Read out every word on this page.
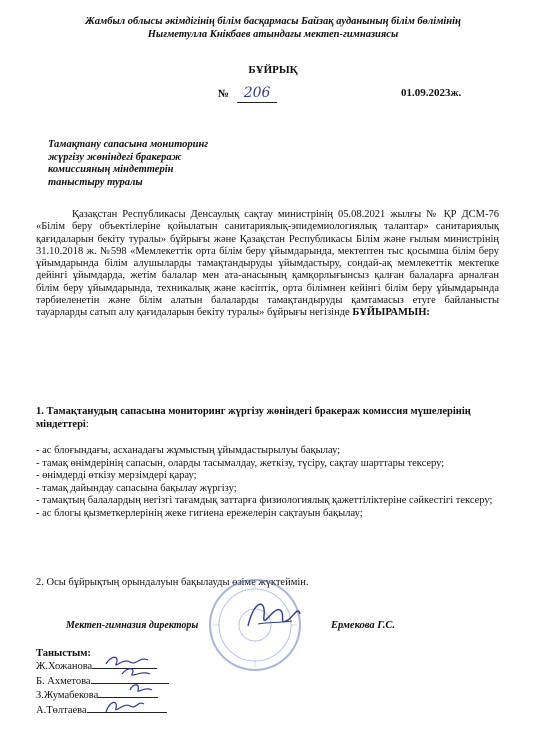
Жамбыл облысы әкімдігінің білім басқармасы Байзақ ауданының білім бөлімінің
Нығметулла Кнікбаев атындағы мектеп-гимназиясы
БҰЙРЫҚ
№ 206	01.09.2023ж.
Тамақтану сапасына мониторинг
жүргізу жөніндегі бракераж
комиссияның міндеттерін
таныстыру туралы
Қазақстан Республикасы Денсаулық сақтау министрінің 05.08.2021 жылғы № ҚР ДСМ-76 «Білім беру объектілеріне қойылатын санитариялық-эпидемиологиялық талаптар» санитариялық қағидаларын бекіту туралы» бұйрығы және Қазақстан Республикасы Білім және ғылым министрінің 31.10.2018 ж. №598 «Мемлекеттік орта білім беру ұйымдарында, мектептен тыс қосымша білім беру ұйымдарында білім алушыларды тамақтандыруды ұйымдастыру, сондай-ақ мемлекеттік мектепке дейінгі ұйымдарда, жетім балалар мен ата-анасының қамқорлығынсыз қалған балаларға арналған білім беру ұйымдарында, техникалық және кәсіптік, орта білімнен кейінгі білім беру ұйымдарында тәрбиеленетін және білім алатын балаларды тамақтандыруды қамтамасыз етуге байланысты тауарларды сатып алу қағидаларын бекіту туралы» бұйрығы негізінде БҰЙЫРАМЫН:
1. Тамақтанудың сапасына мониторинг жүргізу жөніндегі бракераж комиссия мүшелерінің міндеттері:
- ас блоғындағы, асханадағы жұмыстың ұйымдастырылуы бақылау;
- тамақ өнімдерінің сапасын, оларды тасымалдау, жеткізу, түсіру, сақтау шарттары тексеру;
- өнімдерді өткізу мерзімдері қарау;
- тамақ дайындау сапасына бақылау жүргізу;
- тамақтың балалардың негізгі тағамдық заттарға физиологиялық қажеттіліктеріне сәйкестігі тексеру;
- ас блогы қызметкерлерінің жеке гигиена ережелерін сақтауын бақылау;
2. Осы бұйрықтың орындалуын бақылауды өзіме жүктеймін.
Мектеп-гимназия директоры	Ермекова Г.С.
Таныстым:
Ж.Хожанова
Б. Ахметова
З.Жумабекова
А.Төлтаева
